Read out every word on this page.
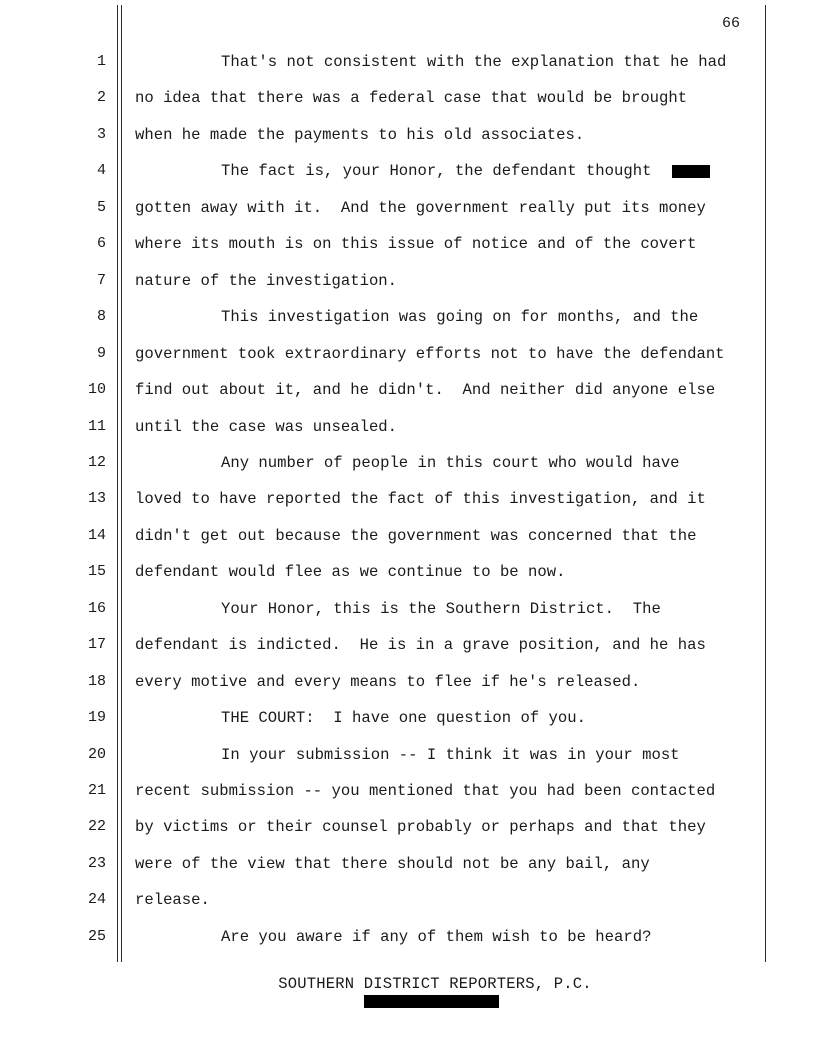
66
1	That's not consistent with the explanation that he had
2 no idea that there was a federal case that would be brought
3 when he made the payments to his old associates.
4	The fact is, your Honor, the defendant thought
5 gotten away with it.  And the government really put its money
6 where its mouth is on this issue of notice and of the covert
7 nature of the investigation.
8	This investigation was going on for months, and the
9 government took extraordinary efforts not to have the defendant
10 find out about it, and he didn't.  And neither did anyone else
11 until the case was unsealed.
12	Any number of people in this court who would have
13 loved to have reported the fact of this investigation, and it
14 didn't get out because the government was concerned that the
15 defendant would flee as we continue to be now.
16	Your Honor, this is the Southern District.  The
17 defendant is indicted.  He is in a grave position, and he has
18 every motive and every means to flee if he's released.
19	THE COURT:  I have one question of you.
20	In your submission -- I think it was in your most
21 recent submission -- you mentioned that you had been contacted
22 by victims or their counsel probably or perhaps and that they
23 were of the view that there should not be any bail, any
24 release.
25	Are you aware if any of them wish to be heard?
SOUTHERN DISTRICT REPORTERS, P.C.
